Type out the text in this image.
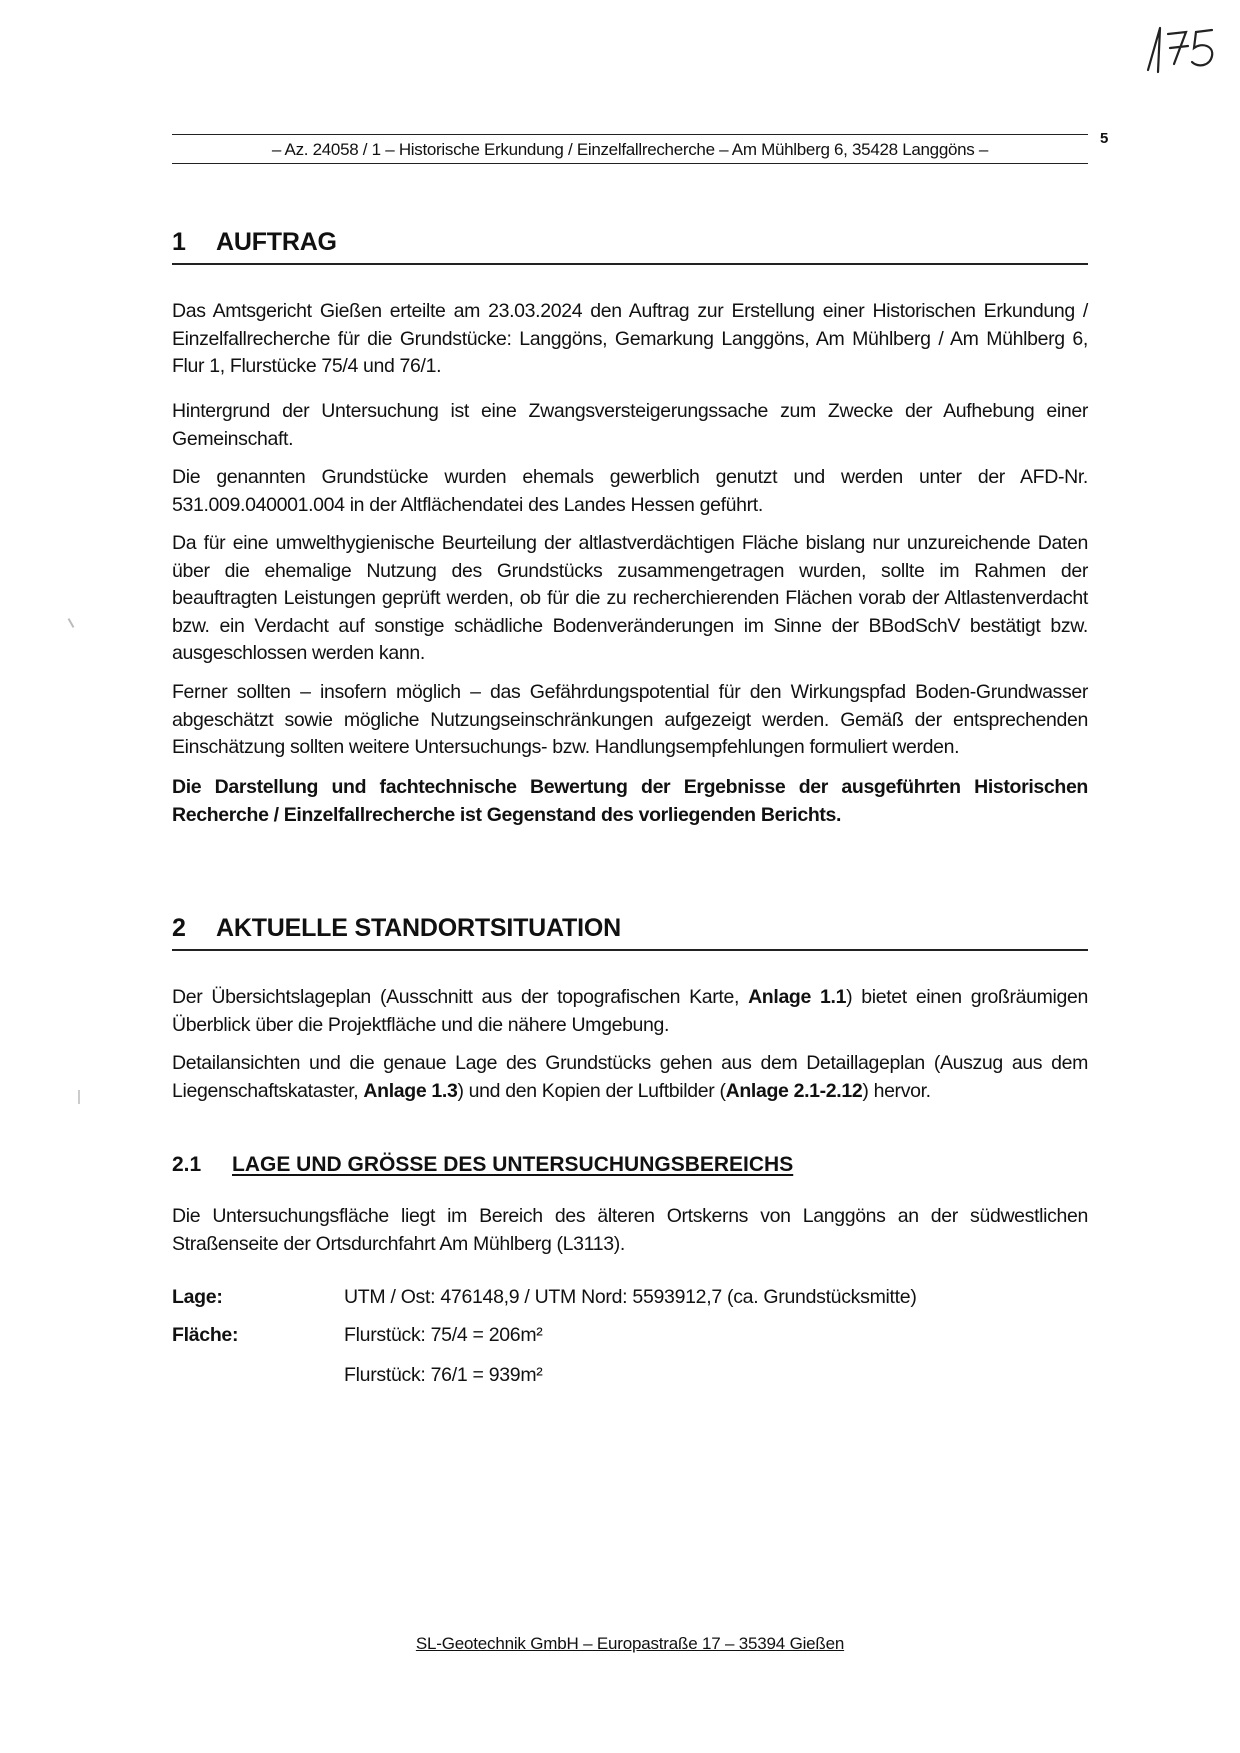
– Az. 24058 / 1 – Historische Erkundung / Einzelfallrecherche – Am Mühlberg 6, 35428 Langgöns –
5
1 AUFTRAG
Das Amtsgericht Gießen erteilte am 23.03.2024 den Auftrag zur Erstellung einer Historischen Erkundung / Einzelfallrecherche für die Grundstücke: Langgöns, Gemarkung Langgöns, Am Mühlberg / Am Mühlberg 6, Flur 1, Flurstücke 75/4 und 76/1.
Hintergrund der Untersuchung ist eine Zwangsversteigerungssache zum Zwecke der Aufhebung einer Gemeinschaft.
Die genannten Grundstücke wurden ehemals gewerblich genutzt und werden unter der AFD-Nr. 531.009.040001.004 in der Altflächendatei des Landes Hessen geführt.
Da für eine umwelthygienische Beurteilung der altlastverdächtigen Fläche bislang nur unzureichende Daten über die ehemalige Nutzung des Grundstücks zusammengetragen wurden, sollte im Rahmen der beauftragten Leistungen geprüft werden, ob für die zu recherchierenden Flächen vorab der Altlastenverdacht bzw. ein Verdacht auf sonstige schädliche Bodenveränderungen im Sinne der BBodSchV bestätigt bzw. ausgeschlossen werden kann.
Ferner sollten – insofern möglich – das Gefährdungspotential für den Wirkungspfad Boden-Grundwasser abgeschätzt sowie mögliche Nutzungseinschränkungen aufgezeigt werden. Gemäß der entsprechenden Einschätzung sollten weitere Untersuchungs- bzw. Handlungsempfehlungen formuliert werden.
Die Darstellung und fachtechnische Bewertung der Ergebnisse der ausgeführten Historischen Recherche / Einzelfallrecherche ist Gegenstand des vorliegenden Berichts.
2 AKTUELLE STANDORTSITUATION
Der Übersichtslageplan (Ausschnitt aus der topografischen Karte, Anlage 1.1) bietet einen großräumigen Überblick über die Projektfläche und die nähere Umgebung.
Detailansichten und die genaue Lage des Grundstücks gehen aus dem Detaillageplan (Auszug aus dem Liegenschaftskataster, Anlage 1.3) und den Kopien der Luftbilder (Anlage 2.1-2.12) hervor.
2.1 LAGE UND GRÖSSE DES UNTERSUCHUNGSBEREICHS
Die Untersuchungsfläche liegt im Bereich des älteren Ortskerns von Langgöns an der südwestlichen Straßenseite der Ortsdurchfahrt Am Mühlberg (L3113).
Lage:	UTM / Ost: 476148,9 / UTM Nord: 5593912,7 (ca. Grundstücksmitte)
Fläche:	Flurstück: 75/4 = 206m²
Flurstück: 76/1 = 939m²
SL-Geotechnik GmbH – Europastraße 17 – 35394 Gießen
